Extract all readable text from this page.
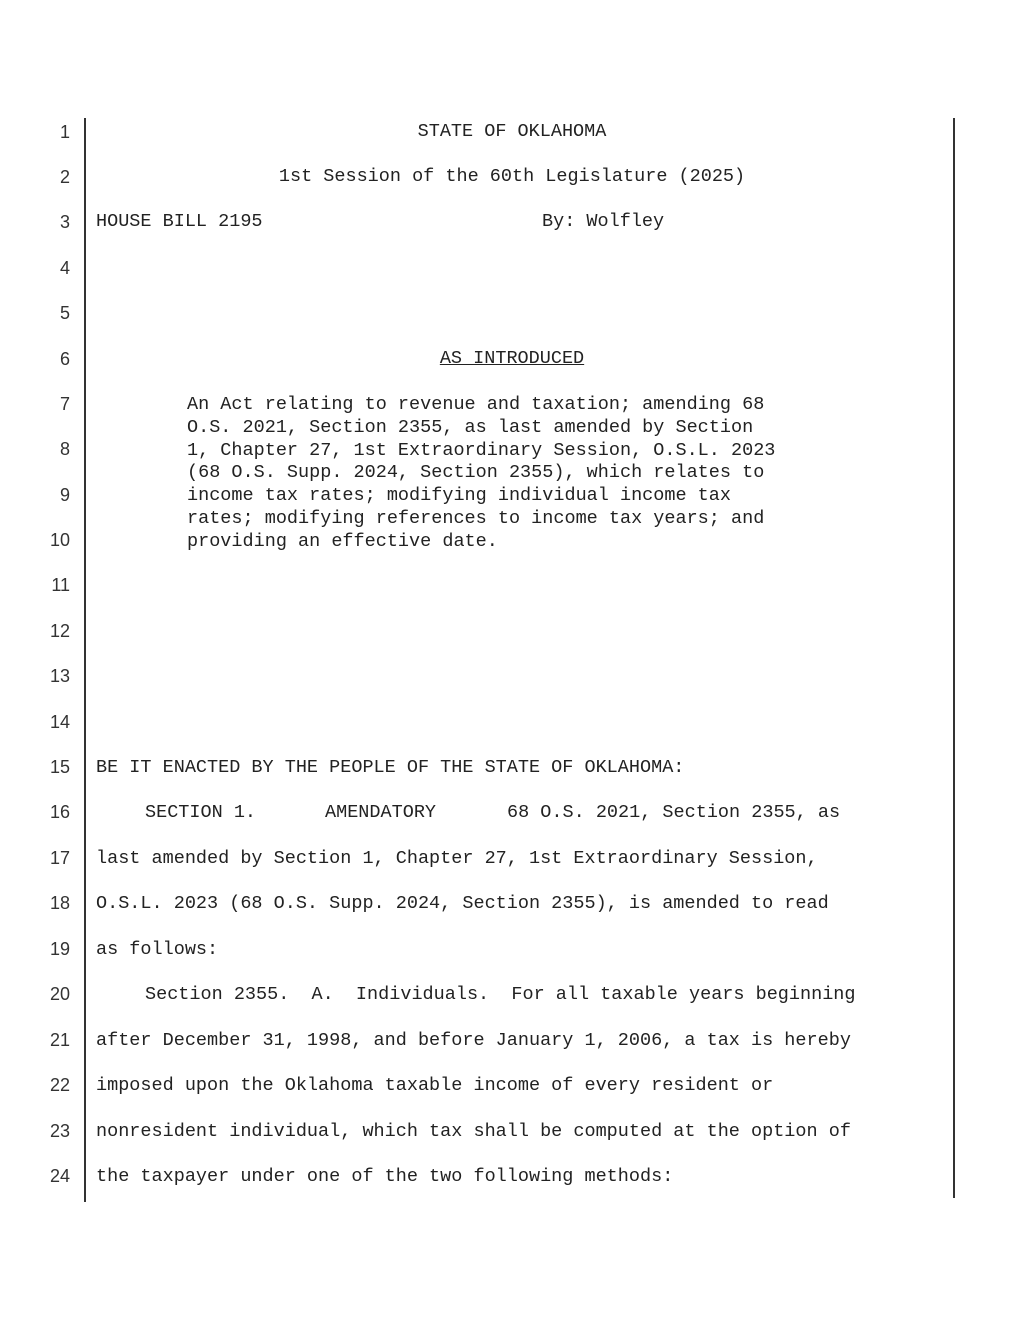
1
2
3
4
5
6
7
8
9
10
11
12
13
14
15
16
17
18
19
20
21
22
23
24
STATE OF OKLAHOMA
1st Session of the 60th Legislature (2025)
HOUSE BILL 2195	By: Wolfley
AS INTRODUCED
An Act relating to revenue and taxation; amending 68
O.S. 2021, Section 2355, as last amended by Section
1, Chapter 27, 1st Extraordinary Session, O.S.L. 2023
(68 O.S. Supp. 2024, Section 2355), which relates to
income tax rates; modifying individual income tax
rates; modifying references to income tax years; and
providing an effective date.
BE IT ENACTED BY THE PEOPLE OF THE STATE OF OKLAHOMA:
SECTION 1.	AMENDATORY	68 O.S. 2021, Section 2355, as
last amended by Section 1, Chapter 27, 1st Extraordinary Session,
O.S.L. 2023 (68 O.S. Supp. 2024, Section 2355), is amended to read
as follows:
Section 2355.  A.  Individuals.  For all taxable years beginning
after December 31, 1998, and before January 1, 2006, a tax is hereby
imposed upon the Oklahoma taxable income of every resident or
nonresident individual, which tax shall be computed at the option of
the taxpayer under one of the two following methods:
